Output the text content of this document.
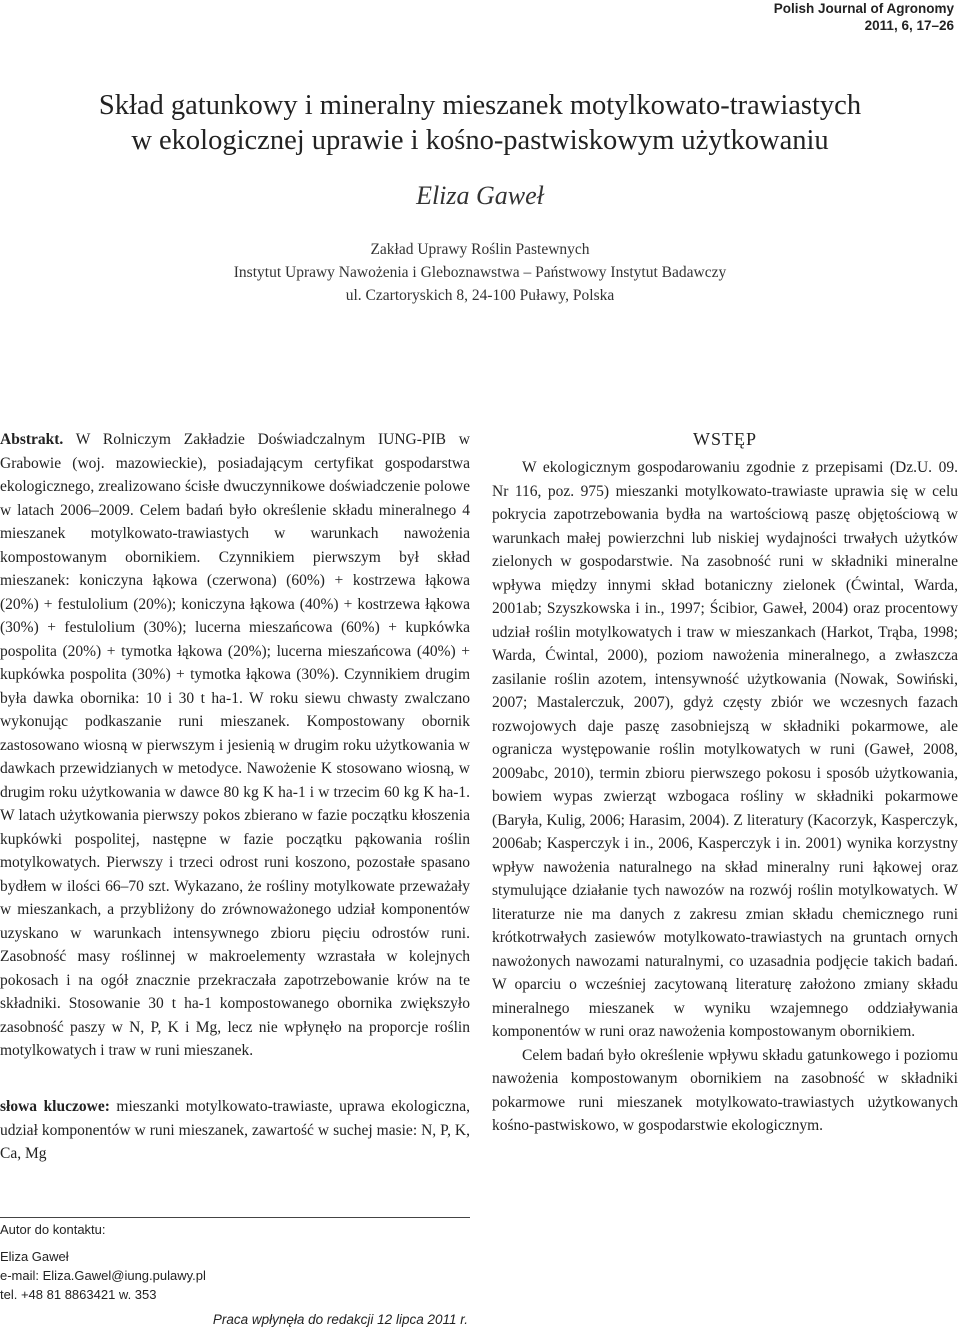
Polish Journal of Agronomy
2011, 6, 17–26
Skład gatunkowy i mineralny mieszanek motylkowato-trawiastych
w ekologicznej uprawie i kośno-pastwiskowym użytkowaniu
Eliza Gaweł
Zakład Uprawy Roślin Pastewnych
Instytut Uprawy Nawożenia i Gleboznawstwa – Państwowy Instytut Badawczy
ul. Czartoryskich 8, 24-100 Puławy, Polska
Abstrakt. W Rolniczym Zakładzie Doświadczalnym IUNG-PIB w Grabowie (woj. mazowieckie), posiadającym certyfikat gospodarstwa ekologicznego, zrealizowano ścisłe dwuczynnikowe doświadczenie polowe w latach 2006–2009. Celem badań było określenie składu mineralnego 4 mieszanek motylkowato-trawiastych w warunkach nawożenia kompostowanym obornikiem. Czynnikiem pierwszym był skład mieszanek: koniczyna łąkowa (czerwona) (60%) + kostrzewa łąkowa (20%) + festulolium (20%); koniczyna łąkowa (40%) + kostrzewa łąkowa (30%) + festulolium (30%); lucerna mieszańcowa (60%) + kupkówka pospolita (20%) + tymotka łąkowa (20%); lucerna mieszańcowa (40%) + kupkówka pospolita (30%) + tymotka łąkowa (30%). Czynnikiem drugim była dawka obornika: 10 i 30 t ha-1. W roku siewu chwasty zwalczano wykonując podkaszanie runi mieszanek. Kompostowany obornik zastosowano wiosną w pierwszym i jesienią w drugim roku użytkowania w dawkach przewidzianych w metodyce. Nawożenie K stosowano wiosną, w drugim roku użytkowania w dawce 80 kg K ha-1 i w trzecim 60 kg K ha-1. W latach użytkowania pierwszy pokos zbierano w fazie początku kłoszenia kupkówki pospolitej, następne w fazie początku pąkowania roślin motylkowatych. Pierwszy i trzeci odrost runi koszono, pozostałe spasano bydłem w ilości 66–70 szt. Wykazano, że rośliny motylkowate przeważały w mieszankach, a przybliżony do zrównoważonego udział komponentów uzyskano w warunkach intensywnego zbioru pięciu odrostów runi. Zasobność masy roślinnej w makroelementy wzrastała w kolejnych pokosach i na ogół znacznie przekraczała zapotrzebowanie krów na te składniki. Stosowanie 30 t ha-1 kompostowanego obornika zwiększyło zasobność paszy w N, P, K i Mg, lecz nie wpłynęło na proporcje roślin motylkowatych i traw w runi mieszanek.
słowa kluczowe: mieszanki motylkowato-trawiaste, uprawa ekologiczna, udział komponentów w runi mieszanek, zawartość w suchej masie: N, P, K, Ca, Mg
Autor do kontaktu:
Eliza Gaweł
e-mail: Eliza.Gawel@iung.pulawy.pl
tel. +48 81 8863421 w. 353
Praca wpłynęła do redakcji 12 lipca 2011 r.
WSTĘP

W ekologicznym gospodarowaniu zgodnie z przepisami (Dz.U. 09. Nr 116, poz. 975) mieszanki motylkowato-trawiaste uprawia się w celu pokrycia zapotrzebowania bydła na wartościową paszę objętościową w warunkach małej powierzchni lub niskiej wydajności trwałych użytków zielonych w gospodarstwie. Na zasobność runi w składniki mineralne wpływa między innymi skład botaniczny zielonek (Ćwintal, Warda, 2001ab; Szyszkowska i in., 1997; Ścibior, Gaweł, 2004) oraz procentowy udział roślin motylkowatych i traw w mieszankach (Harkot, Trąba, 1998; Warda, Ćwintal, 2000), poziom nawożenia mineralnego, a zwłaszcza zasilanie roślin azotem, intensywność użytkowania (Nowak, Sowiński, 2007; Mastalerczuk, 2007), gdyż częsty zbiór we wczesnych fazach rozwojowych daje paszę zasobniejszą w składniki pokarmowe, ale ogranicza występowanie roślin motylkowatych w runi (Gaweł, 2008, 2009abc, 2010), termin zbioru pierwszego pokosu i sposób użytkowania, bowiem wypas zwierząt wzbogaca rośliny w składniki pokarmowe (Baryła, Kulig, 2006; Harasim, 2004). Z literatury (Kacorzyk, Kasperczyk, 2006ab; Kasperczyk i in., 2006, Kasperczyk i in. 2001) wynika korzystny wpływ nawożenia naturalnego na skład mineralny runi łąkowej oraz stymulujące działanie tych nawozów na rozwój roślin motylkowatych. W literaturze nie ma danych z zakresu zmian składu chemicznego runi krótkotrwałych zasiewów motylkowato-trawiastych na gruntach ornych nawożonych nawozami naturalnymi, co uzasadnia podjęcie takich badań. W oparciu o wcześniej zacytowaną literaturę założono zmiany składu mineralnego mieszanek w wyniku wzajemnego oddziaływania komponentów w runi oraz nawożenia kompostowanym obornikiem.

Celem badań było określenie wpływu składu gatunkowego i poziomu nawożenia kompostowanym obornikiem na zasobność w składniki pokarmowe runi mieszanek motylkowato-trawiastych użytkowanych kośno-pastwiskowo, w gospodarstwie ekologicznym.
